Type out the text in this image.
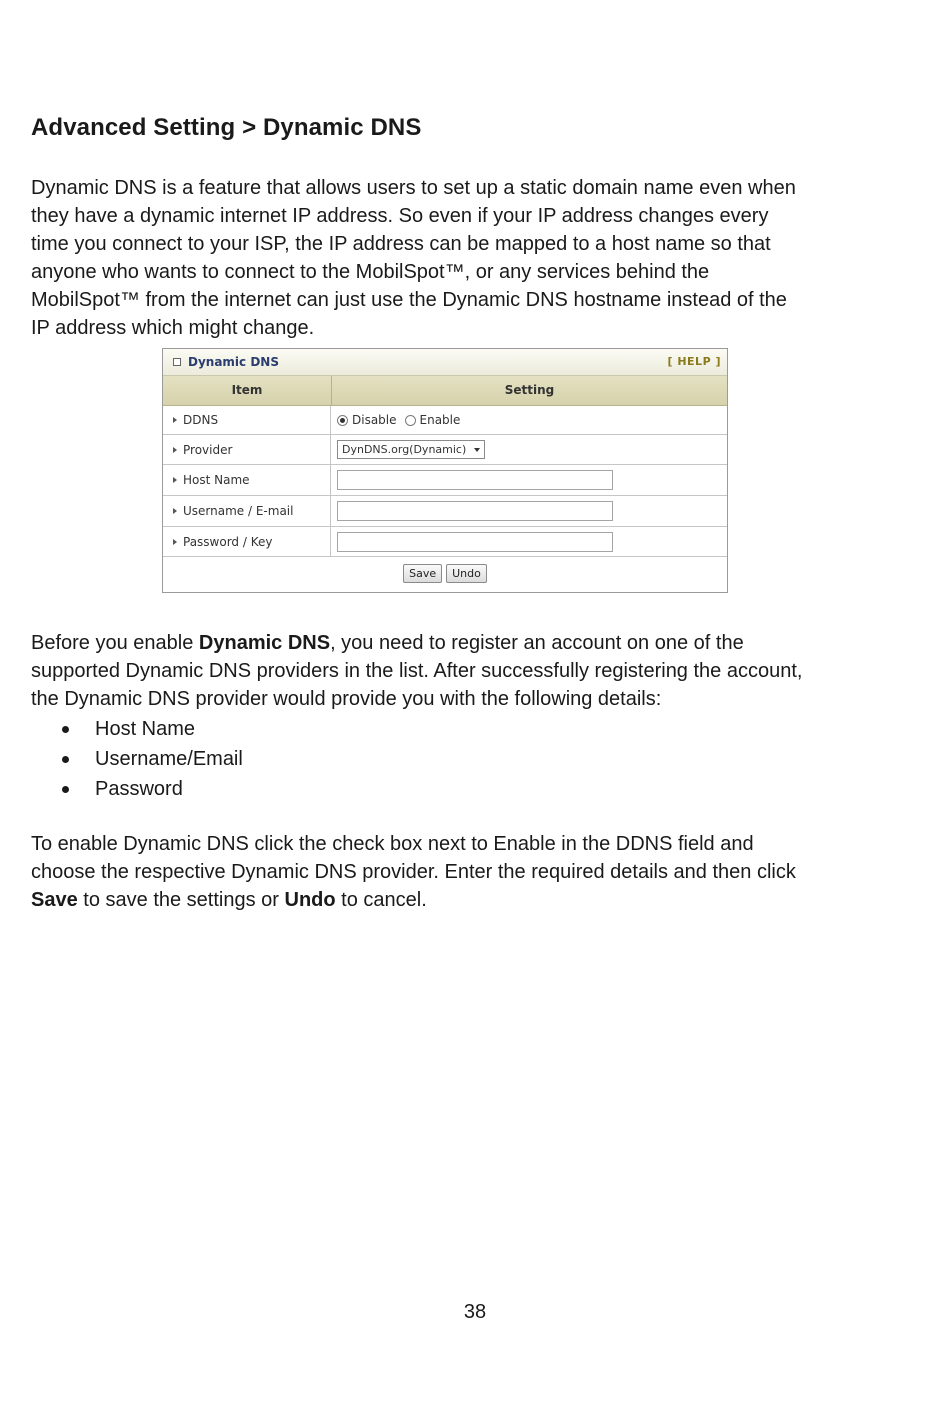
Advanced Setting > Dynamic DNS

Dynamic DNS is a feature that allows users to set up a static domain name even when
they have a dynamic internet IP address. So even if your IP address changes every
time you connect to your ISP, the IP address can be mapped to a host name so that
anyone who wants to connect to the MobilSpot™, or any services behind the
MobilSpot™ from the internet can just use the Dynamic DNS hostname instead of the
IP address which might change.

Dynamic DNS	[ HELP ]
Item	Setting
DDNS	Disable Enable
Provider	DynDNS.org(Dynamic)
Host Name
Username / E-mail
Password / Key
Save	Undo

Before you enable Dynamic DNS, you need to register an account on one of the
supported Dynamic DNS providers in the list. After successfully registering the account,
the Dynamic DNS provider would provide you with the following details:

Host Name
Username/Email
Password

To enable Dynamic DNS click the check box next to Enable in the DDNS field and
choose the respective Dynamic DNS provider. Enter the required details and then click
Save to save the settings or Undo to cancel.

38
